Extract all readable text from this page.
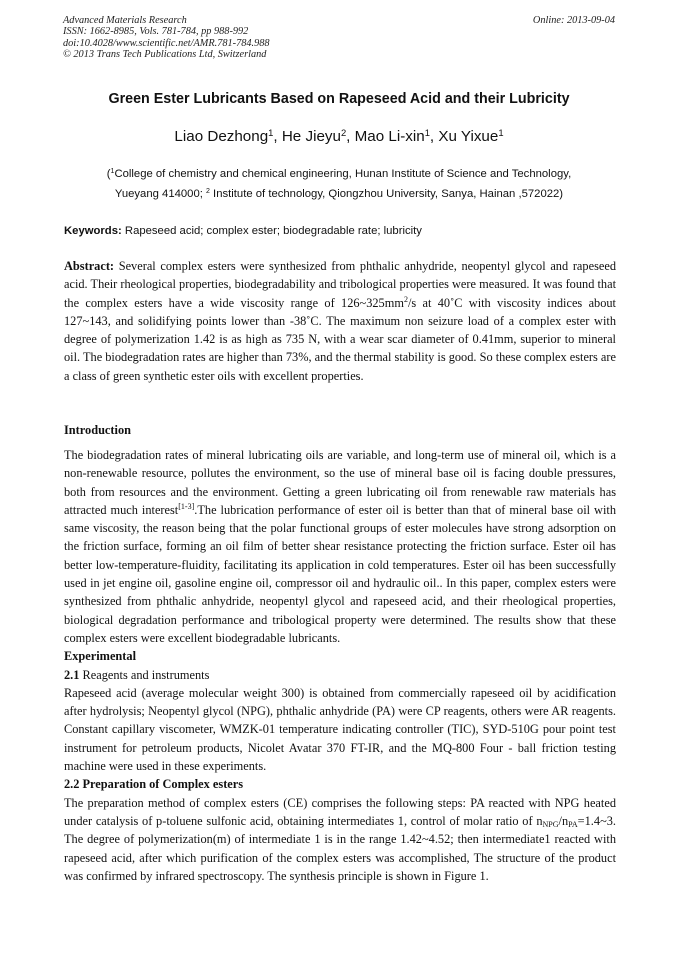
Advanced Materials Research
ISSN: 1662-8985, Vols. 781-784, pp 988-992
doi:10.4028/www.scientific.net/AMR.781-784.988
© 2013 Trans Tech Publications Ltd, Switzerland
Online: 2013-09-04
Green Ester Lubricants Based on Rapeseed Acid and their Lubricity
Liao Dezhong$^1$, He Jieyu$^2$, Mao Li-xin$^1$, Xu Yixue$^1$
($^1$College of chemistry and chemical engineering, Hunan Institute of Science and Technology,
Yueyang 414000; $^2$ Institute of technology, Qiongzhou University, Sanya, Hainan ,572022)
Keywords: Rapeseed acid; complex ester; biodegradable rate; lubricity

Abstract: Several complex esters were synthesized from phthalic anhydride, neopentyl glycol and rapeseed acid. Their rheological properties, biodegradability and tribological properties were measured. It was found that the complex esters have a wide viscosity range of $126\sim 325mm^2/s$ at 40˚C with viscosity indices about 127~143, and solidifying points lower than -38˚C. The maximum non seizure load of a complex ester with degree of polymerization 1.42 is as high as 735 N, with a wear scar diameter of 0.41mm, superior to mineral oil. The biodegradation rates are higher than 73%, and the thermal stability is good. So these complex esters are a class of green synthetic ester oils with excellent properties.

Introduction

The biodegradation rates of mineral lubricating oils are variable, and long-term use of mineral oil, which is a non-renewable resource, pollutes the environment, so the use of mineral base oil is facing double pressures, both from resources and the environment. Getting a green lubricating oil from renewable raw materials has attracted much interest[1-3].The lubrication performance of ester oil is better than that of mineral base oil with same viscosity, the reason being that the polar functional groups of ester molecules have strong adsorption on the friction surface, forming an oil film of better shear resistance protecting the friction surface. Ester oil has better low-temperature-fluidity, facilitating its application in cold temperatures. Ester oil has been successfully used in jet engine oil, gasoline engine oil, compressor oil and hydraulic oil.. In this paper, complex esters were synthesized from phthalic anhydride, neopentyl glycol and rapeseed acid, and their rheological properties, biological degradation performance and tribological property were determined. The results show that these complex esters were excellent biodegradable lubricants.

Experimental

2.1 Reagents and instruments

Rapeseed acid (average molecular weight 300) is obtained from commercially rapeseed oil by acidification after hydrolysis; Neopentyl glycol (NPG), phthalic anhydride (PA) were CP reagents, others were AR reagents. Constant capillary viscometer, WMZK-01 temperature indicating controller (TIC), SYD-510G pour point test instrument for petroleum products, Nicolet Avatar 370 FT-IR, and the MQ-800 Four - ball friction testing machine were used in these experiments.

2.2 Preparation of Complex esters

The preparation method of complex esters (CE) comprises the following steps: PA reacted with NPG heated under catalysis of p-toluene sulfonic acid, obtaining intermediates 1, control of molar ratio of $n_{NPG}/n_{PA}=1.4\sim 3$. The degree of polymerization(m) of intermediate 1 is in the range 1.42~4.52; then intermediate1 reacted with rapeseed acid, after which purification of the complex esters was accomplished, The structure of the product was confirmed by infrared spectroscopy. The synthesis principle is shown in Figure 1.
